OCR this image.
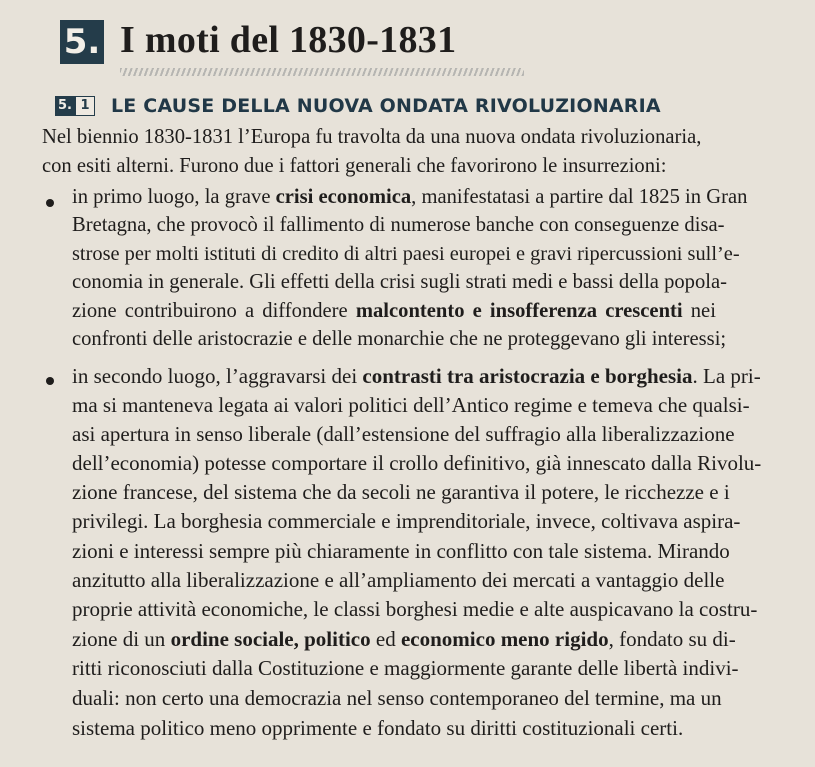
5. I moti del 1830-1831
5. 1 LE CAUSE DELLA NUOVA ONDATA RIVOLUZIONARIA
Nel biennio 1830-1831 l’Europa fu travolta da una nuova ondata rivoluzionaria,
con esiti alterni. Furono due i fattori generali che favorirono le insurrezioni:
in primo luogo, la grave crisi economica, manifestatasi a partire dal 1825 in Gran
Bretagna, che provocò il fallimento di numerose banche con conseguenze disa-
strose per molti istituti di credito di altri paesi europei e gravi ripercussioni sull’e-
conomia in generale. Gli effetti della crisi sugli strati medi e bassi della popola-
zione contribuirono a diffondere malcontento e insofferenza crescenti nei
confronti delle aristocrazie e delle monarchie che ne proteggevano gli interessi;
in secondo luogo, l’aggravarsi dei contrasti tra aristocrazia e borghesia. La pri-
ma si manteneva legata ai valori politici dell’Antico regime e temeva che qualsi-
asi apertura in senso liberale (dall’estensione del suffragio alla liberalizzazione
dell’economia) potesse comportare il crollo definitivo, già innescato dalla Rivolu-
zione francese, del sistema che da secoli ne garantiva il potere, le ricchezze e i
privilegi. La borghesia commerciale e imprenditoriale, invece, coltivava aspira-
zioni e interessi sempre più chiaramente in conflitto con tale sistema. Mirando
anzitutto alla liberalizzazione e all’ampliamento dei mercati a vantaggio delle
proprie attività economiche, le classi borghesi medie e alte auspicavano la costru-
zione di un ordine sociale, politico ed economico meno rigido, fondato su di-
ritti riconosciuti dalla Costituzione e maggiormente garante delle libertà indivi-
duali: non certo una democrazia nel senso contemporaneo del termine, ma un
sistema politico meno opprimente e fondato su diritti costituzionali certi.
